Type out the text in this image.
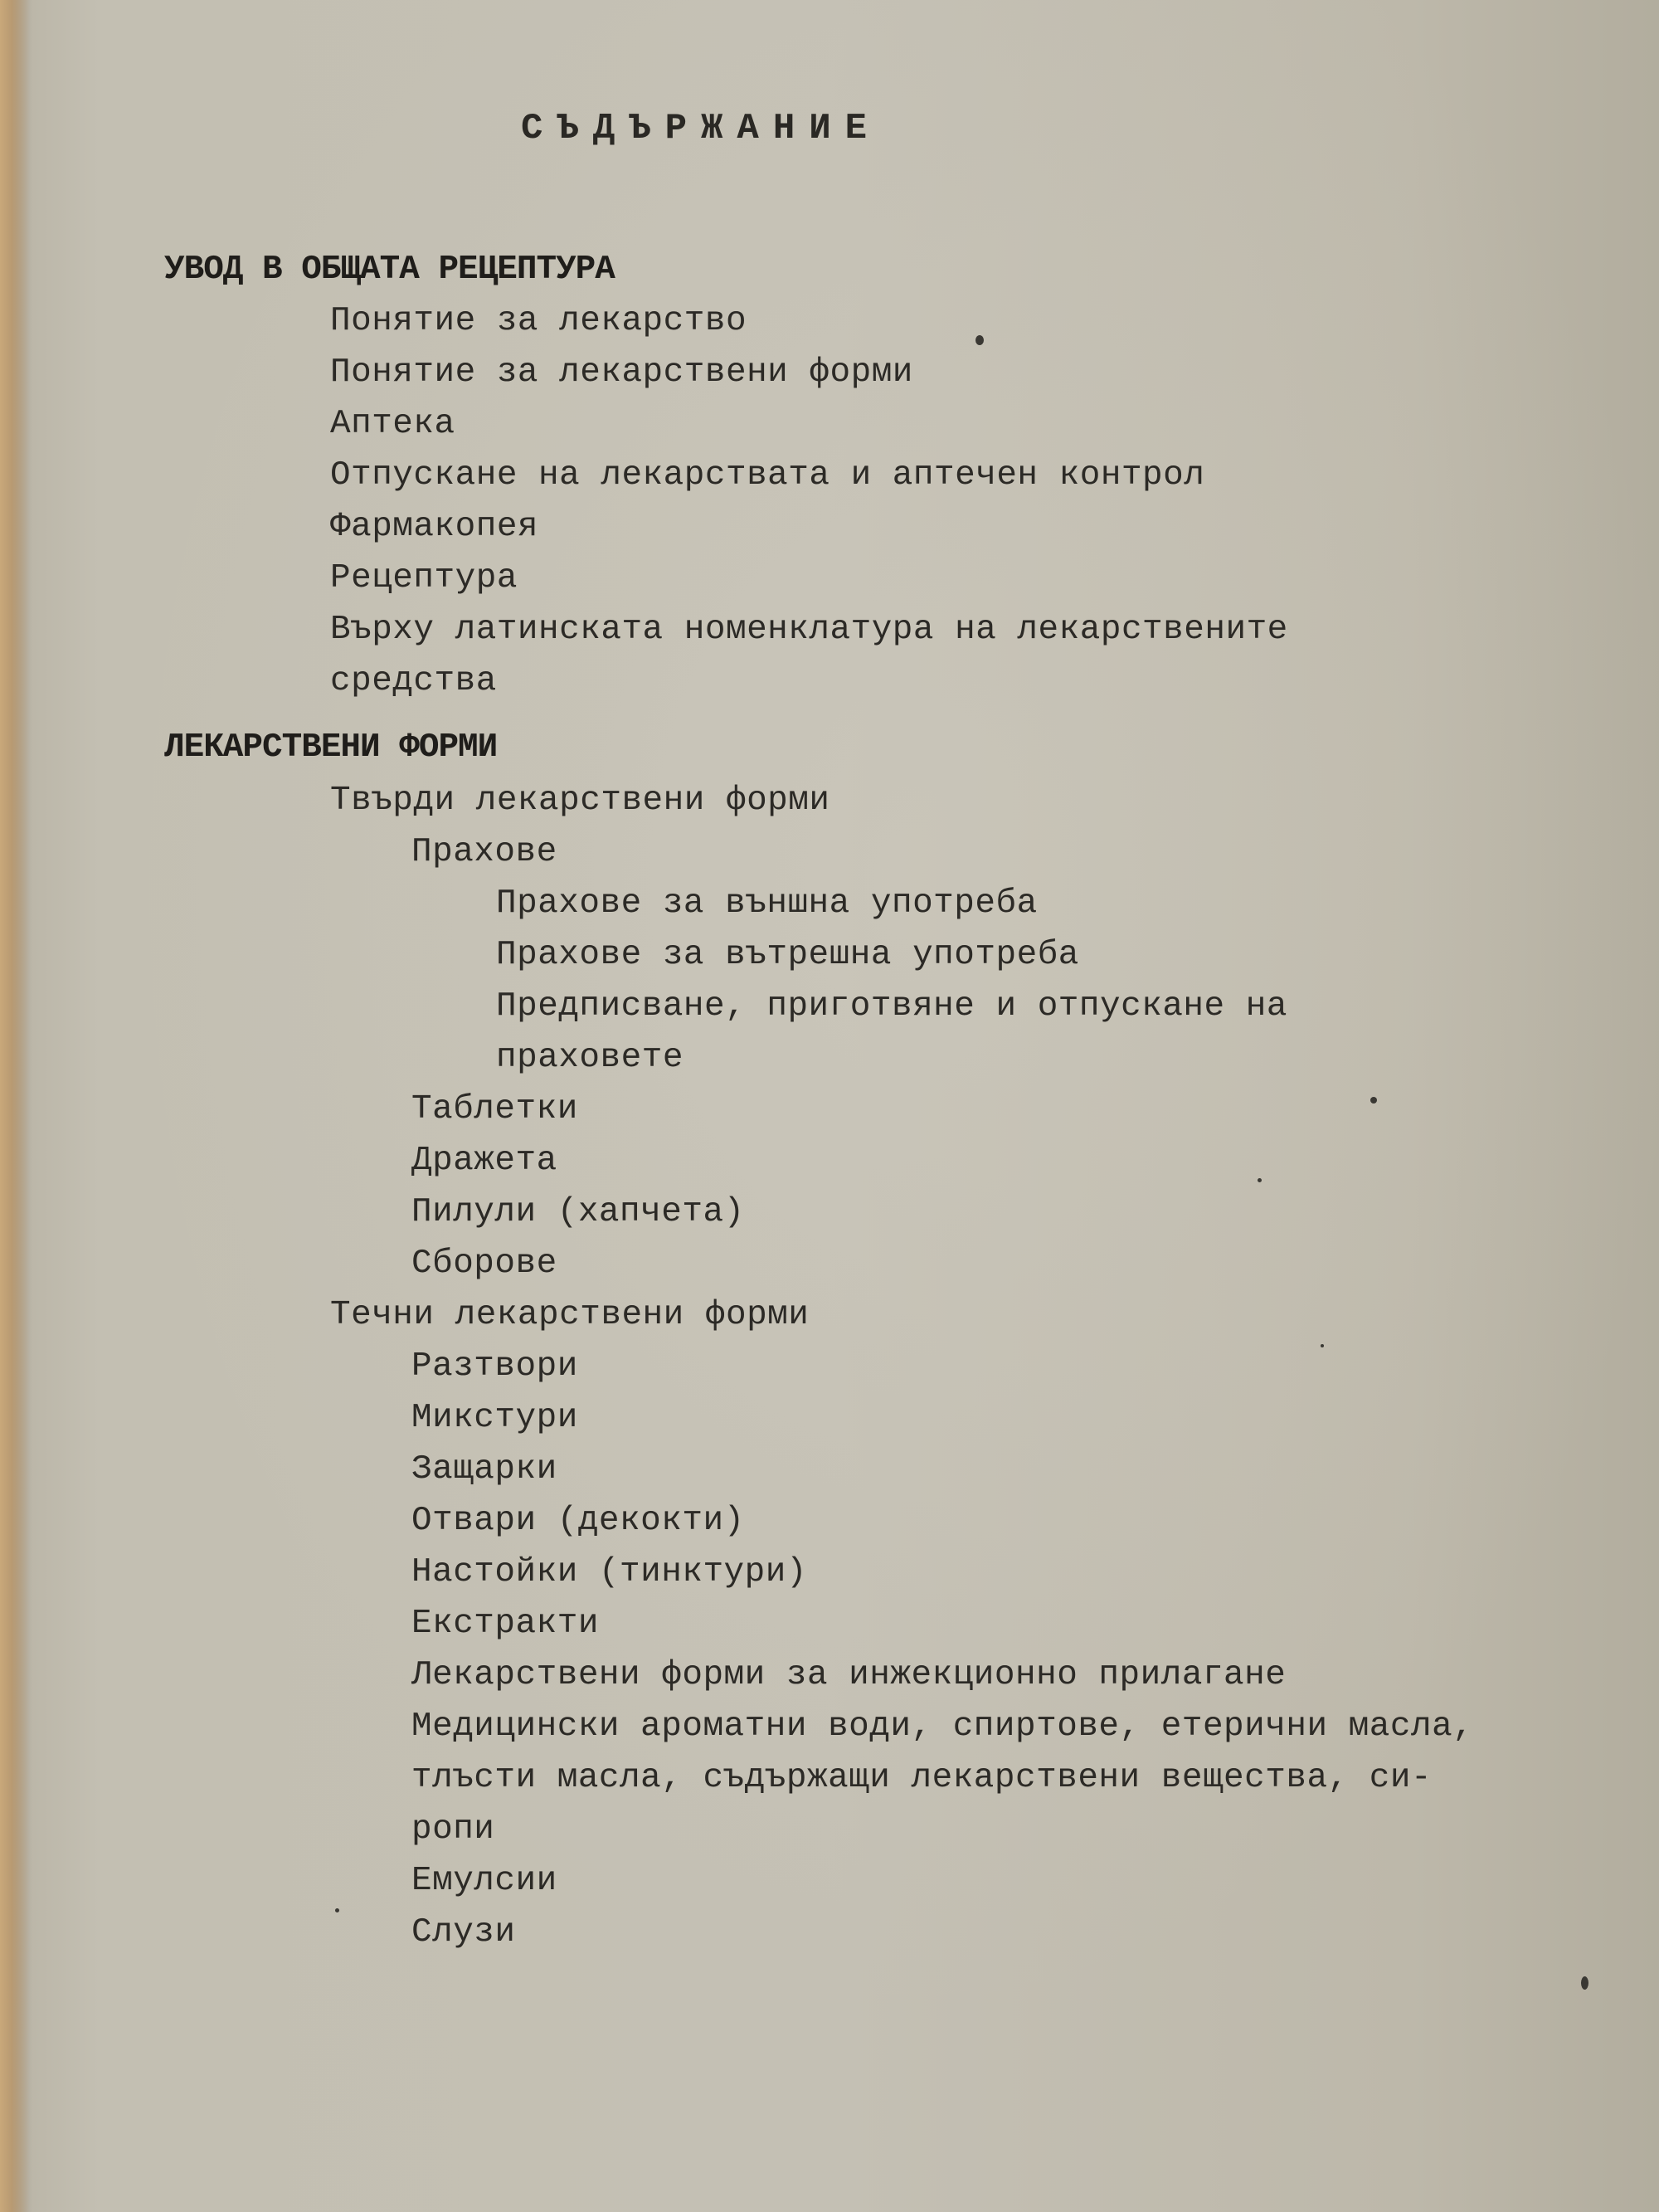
СЪДЪРЖАНИЕ
УВОД В ОБЩАТА РЕЦЕПТУРА
Понятие за лекарство
Понятие за лекарствени форми
Аптека
Отпускане на лекарствата и аптечен контрол
Фармакопея
Рецептура
Върху латинската номенклатура на лекарствените
средства
ЛЕКАРСТВЕНИ ФОРМИ
Твърди лекарствени форми
Прахове
Прахове за външна употреба
Прахове за вътрешна употреба
Предписване, приготвяне и отпускане на
праховете
Таблетки
Дражета
Пилули (хапчета)
Сборове
Течни лекарствени форми
Разтвори
Микстури
Защарки
Отвари (декокти)
Настойки (тинктури)
Екстракти
Лекарствени форми за инжекционно прилагане
Медицински ароматни води, спиртове, етерични масла,
тлъсти масла, съдържащи лекарствени вещества, си-
ропи
Емулсии
Слузи
